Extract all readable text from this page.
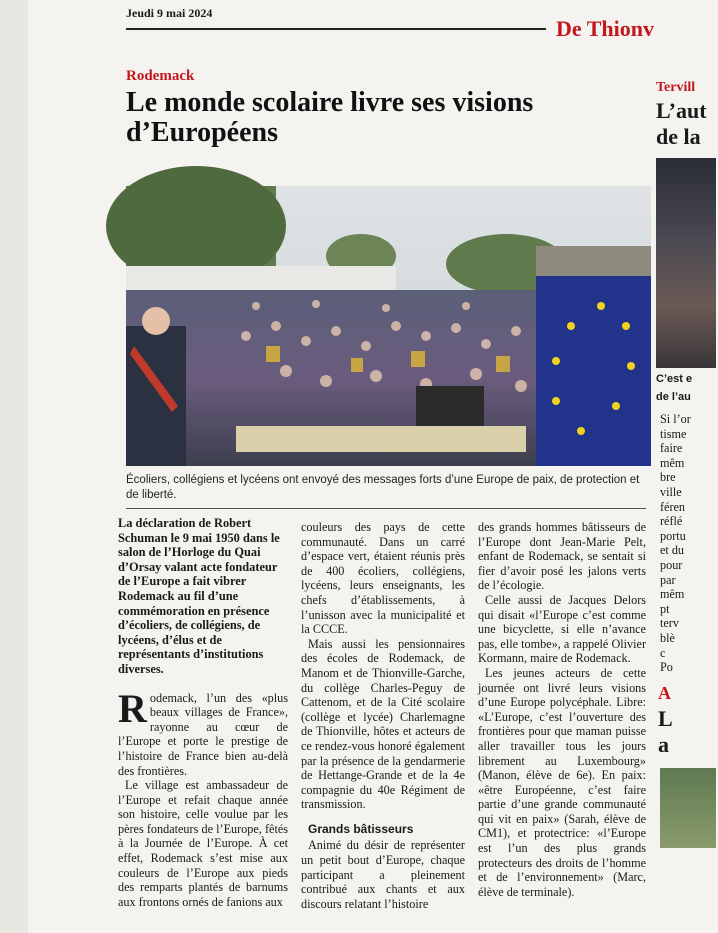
Jeudi 9 mai 2024
De Thionv
Rodemack
Le monde scolaire livre ses visions d’Européens

Écoliers, collégiens et lycéens ont envoyé des messages forts d’une Europe de paix, de protection et de liberté.

La déclaration de Robert Schuman le 9 mai 1950 dans le salon de l’Horloge du Quai d’Orsay valant acte fondateur de l’Europe a fait vibrer Rodemack au fil d’une commémoration en présence d’écoliers, de collégiens, de lycéens, d’élus et de représentants d’institutions diverses.

Rodemack, l’un des «plus beaux villages de France», rayonne au cœur de l’Europe et porte le prestige de l’histoire de France bien au-delà des frontières.

Le village est ambassadeur de l’Europe et refait chaque année son histoire, celle voulue par les pères fondateurs de l’Europe, fêtés à la Journée de l’Europe. À cet effet, Rodemack s’est mise aux couleurs de l’Europe aux pieds des remparts plantés de barnums aux frontons ornés de fanions aux

couleurs des pays de cette communauté. Dans un carré d’espace vert, étaient réunis près de 400 écoliers, collégiens, lycéens, leurs enseignants, les chefs d’établissements, à l’unisson avec la municipalité et la CCCE.

Mais aussi les pensionnaires des écoles de Rodemack, de Manom et de Thionville-Garche, du collège Charles-Peguy de Cattenom, et de la Cité scolaire (collège et lycée) Charlemagne de Thionville, hôtes et acteurs de ce rendez-vous honoré également par la présence de la gendarmerie de Hettange-Grande et de la 4e compagnie du 40e Régiment de transmission.

Grands bâtisseurs

Animé du désir de représenter un petit bout d’Europe, chaque participant a pleinement contribué aux chants et aux discours relatant l’histoire

des grands hommes bâtisseurs de l’Europe dont Jean-Marie Pelt, enfant de Rodemack, se sentait si fier d’avoir posé les jalons verts de l’écologie.

Celle aussi de Jacques Delors qui disait «l’Europe c’est comme une bicyclette, si elle n’avance pas, elle tombe», a rappelé Olivier Kormann, maire de Rodemack.

Les jeunes acteurs de cette journée ont livré leurs visions d’une Europe polycéphale. Libre: «L’Europe, c’est l’ouverture des frontières pour que maman puisse aller travailler tous les jours librement au Luxembourg» (Manon, élève de 6e). En paix: «être Européenne, c’est faire partie d’une grande communauté qui vit en paix» (Sarah, élève de CM1), et protectrice: «l’Europe est l’un des plus grands protecteurs des droits de l’homme et de l’environnement» (Marc, élève de terminale).

Tervill
L’aut
de la
C’est e
de l’au
Si l’or
tisme
faire
mêm
bre
ville
féren
réflé
portu
et du
pour
par
mêm
pt
terv
blè
c
Po
A
L
a
